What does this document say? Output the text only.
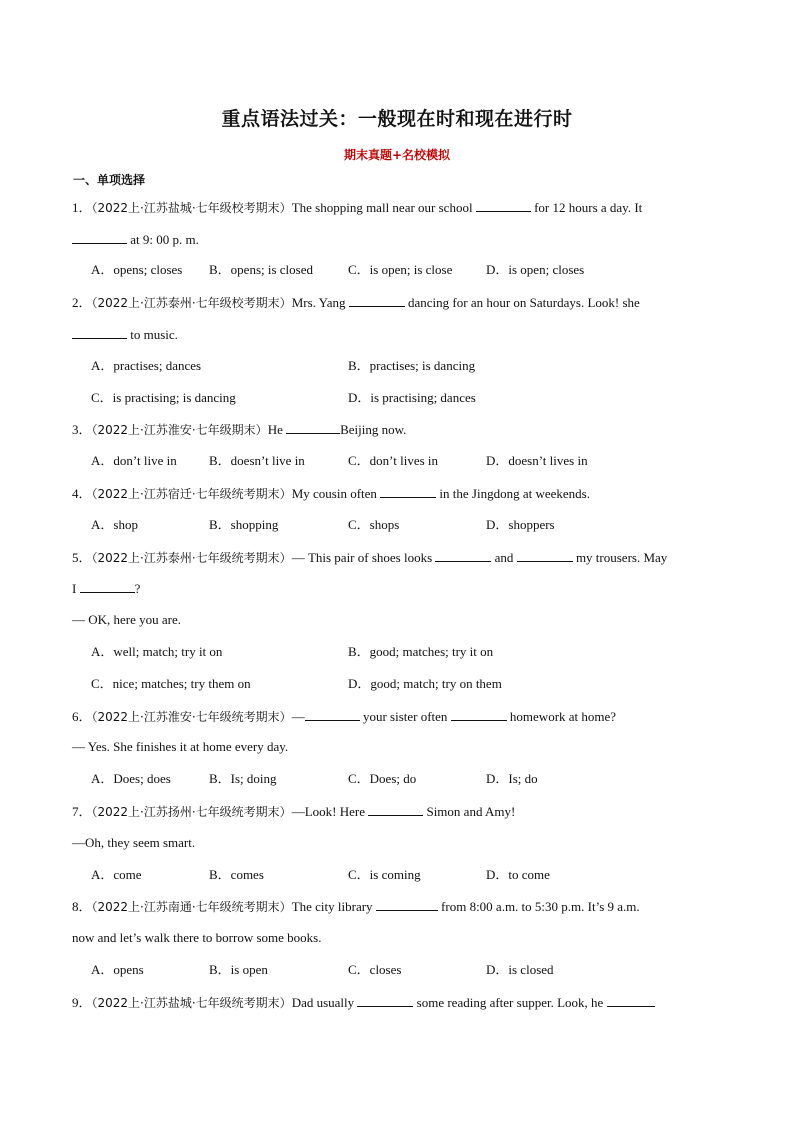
重点语法过关：一般现在时和现在进行时
期末真题+名校模拟
一、单项选择
1．（2022上·江苏盐城·七年级校考期末）The shopping mall near our school	for 12 hours a day. It
at 9: 00 p. m.
A．opens; closes B．opens; is closed	C．is open; is close	D．is open; closes
2．（2022上·江苏泰州·七年级校考期末）Mrs. Yang	dancing for an hour on Saturdays. Look! she
to music.
A．practises; dances	B．practises; is dancing
C．is practising; is dancing	D．is practising; dances
3．（2022上·江苏淮安·七年级期末）He	Beijing now.
A．don’t live in B．doesn’t live in	C．don’t lives in	D．doesn’t lives in
4．（2022上·江苏宿迁·七年级统考期末）My cousin often	in the Jingdong at weekends.
A．shop	B．shopping	C．shops	D．shoppers
5．（2022上·江苏泰州·七年级统考期末）— This pair of shoes looks	and	my trousers. May
I	?
— OK, here you are.
A．well; match; try it on	B．good; matches; try it on
C．nice; matches; try them on	D．good; match; try on them
6．（2022上·江苏淮安·七年级统考期末）—	your sister often	homework at home?
— Yes. She finishes it at home every day.
A．Does; does	B．Is; doing	C．Does; do	D．Is; do
7．（2022上·江苏扬州·七年级统考期末）—Look! Here	Simon and Amy!
—Oh, they seem smart.
A．come	B．comes	C．is coming	D．to come
8．（2022上·江苏南通·七年级统考期末）The city library	from 8:00 a.m. to 5:30 p.m. It’s 9 a.m.
now and let’s walk there to borrow some books.
A．opens	B．is open	C．closes	D．is closed
9．（2022上·江苏盐城·七年级统考期末）Dad usually	some reading after supper. Look, he
